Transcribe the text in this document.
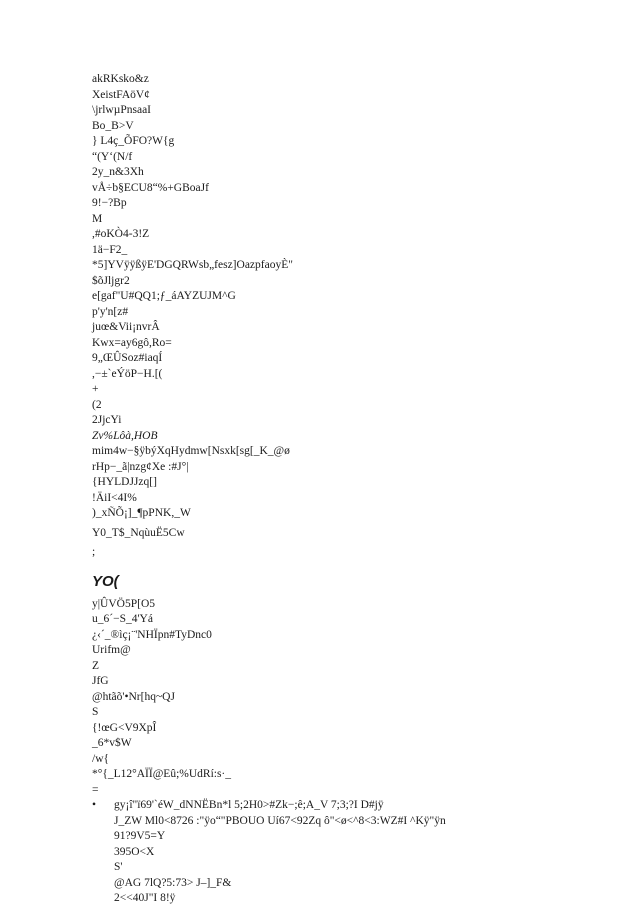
akRKsko&z
XeistFAöV¢
\jrlwµPnsaaI
Bo_B>V
} L4ç_ÕFO?W{g
“(Y‘(N/f
2y_n&3Xh
vÅ÷b§ECU8“%+GBoaJf
9!−?Bp
M
,#oKÒ4-3!Z
1ä−F2_
*5]YVÿÿßÿE'DGQRWsb„fesz]OazpfaoyÈ"
$õJljgr2
e[gaf"U#QQ1;ƒ_áAYZUJM^G
p'y'n[z#
juœ&Vii¡nvrÂ
Kwx=ay6gô,Ro=
9„ŒÛSoz#iaqÍ
,−±`eÝöP−H.[(
+
(2
2JjcYi
Zv%Lôà,HOB
mim4w−§ÿbýXqHydmw[Nsxk[sg[_K_@ø
rHp−_ã|nzg¢Xe :#J°|
{HYLDJJzq[]
!ÄiI<4I%
)_xÑÕ¡]_¶pPNK,_W
Y0_T$_NqùuË5Cw
;
YO(
y|ÛVÖ5P[O5
u_6´−S_4'Yá
¿‹´_®ìç¡¨'NHÏpn#TyDnc0
Urifm@
Z
JfG
@htãõ'•Nr[hq~QJ
S
{!œG<V9XpÎ
_6*v$W
/w{
*°{_L12°AÏÏ@Eû;%UdRí:s·_
=
•	gy¡î"ï69'`éW_dNNËBn*l 5;2H0>#Zk−;ê;A_V 7;3;?I D#jÿ
J_ZW Ml0<8726 :"ÿo“"PBOUO Uí67<92Zq ô"<ø<^8<3:WZ#I ^Kÿ"ÿn
91?9V5=Y
395O<X
S'
@AG 7lQ?5:73> J–]_F&
2<<40J"I 8!ÿ
